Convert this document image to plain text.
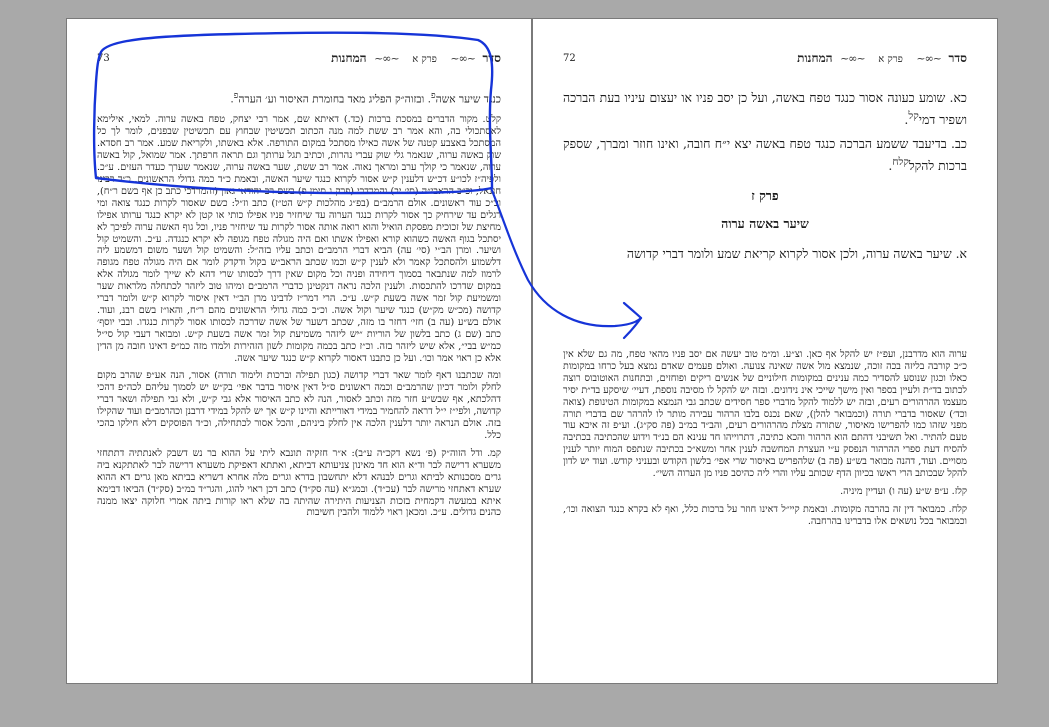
73	סדר ~∞~ פרק א ~∞~ המחנות

כנגד שיער אשה$^פ$. ובזוה״ק הפליג מאד בחומרת האיסור וע׳ הערה$^פ$.

קלט. מקור הדברים במסכת ברכות (כד.) דאיתא שם, אמר רבי יצחק, טפח באשה ערוה. למאי, אילימא לאסתכולי בה, והא אמר רב ששת למה מנה הכתוב תכשיטין שבחוץ עם תכשיטין שבפנים, לומר לך כל המסתכל באצבע קטנה של אשה כאילו מסתכל במקום התורפה. אלא באשתו, ולקריאת שמע. אמר רב חסדא. שוק באשה ערוה, שנאמר גלי שוק עברי נהרות, וכתיב תגל ערותך וגם תראה חרפתך. אמר שמואל, קול באשה ערוה, שנאמר כי קולך ערב ומראך נאוה. אמר רב ששת, שער באשה ערוה, שנאמר שערך כעדר העזים. ע״כ. ולפיה״ז לכו״ע דכ״ש דלענין ק״ש אסור לקרוא כנגד שיער האשה, ובאמת כ״ד כמה גדולי הראשונים, כ״ד רבינו חננאל, וכ״כ הראבי״ה (סי׳ יב) והמרדכי (פרק ג סימן פ) בשם רב יהודאי גאון (והמרדכי כתב כן אף בשם ר״ח), וכ״כ עוד ראשונים. אולם הרמב״ם (בפ״ג מהלכות ק״ש הט״ז) כתב וז״ל: כשם שאסור לקרות כנגד צואה ומי רגלים עד שירחיק כך אסור לקרות כנגד הערוה עד שיחזיר פניו אפילו כותי או קטן לא יקרא כנגד ערותו אפילו מחיצת של זכוכית מפסקת הואיל והוא רואה אותה אסור לקרות עד שיחזיר פניו, וכל גוף האשה ערוה לפיכך לא יסתכל בגוף האשה כשהוא קורא ואפילו אשתו ואם היה מגולה טפח מגופה לא יקרא כנגדה. ע״כ. והשמיט קול ושיער. ומרן הב״י (סי׳ עה) הביא דברי הרמב״ם וכתב עליו בזה״ל: והשמיט קול ושער משום דמשמע ליה דלשמוע ולהסתכל קאמר ולא לענין ק״ש וכמו שכתב הראב״ש בקול ודקדק לומר אם היה מגולה טפח מגופה לרמוז למה שנתבאר בסמוך דיחידה ופניה וכל מקום שאין דרך לכסותו שרי דהא לא שייך לומר מגולה אלא במקום שדרכו להתכסות. ולענין הלכה נראה דנקטינן כדברי הרמב״ם ומיהו טוב ליזהר לכתחלה מלראות שער ומשמיעת קול זמר אשה בשעת ק״ש. ע״כ. הרי דמר״ז לדבינו מרן הב״י דאין איסור לקרוא ק״ש ולומר דברי קדושה (מכ״ש מק״ש) כנגד שיער וקול אשה. וכ״כ כמה גדולי הראשונים מהם ר״ח, והאו״ז בשם רבנ, ועוד. אולם בש״ע (עה ב) חזי׳ דחזר בו מזה, שכתב דשער של אשה שדרכה לכסותו אסור לקרות כנגדו. ובבי יוסף׳ כתב (שם ג) כתב בלשון של הוריות ״יש ליזהר משמיעת קול זמר אשה בשעת ק״ש. ומבואר דעבי קול סי״ל כמ״ש בבי״, אלא שיש ליזהר בזה. וכ״ז כתב בכמה מקומות לשון הזהירות ולמדו מזה כמ״פ דאינו חובה מן הדין אלא כן ראוי אמר וכו׳. ועל כן כתבנו דאסור לקרוא ק״ש כנגד שיער אשה.

ומה שכתבנו דאף לומר שאר דברי קדושה (כגון תפילה וברכות ולימוד תורה) אסור, הנה אע״פ שהרב מקום לחלק ולומר דכיון שהרמב״ם וכמה ראשונים ס״ל דאין איסור בדבר אפי׳ בק״ש יש לסמוך עליהם לכה״פ דהכי דהלכתא, אף שבש״ע חזר מזה וכתב לאסור, הנה לא כתב האיסור אלא גבי ק״ש, ולא גבי תפילה ושאר דברי קדושה, ולפי״ז י״ל דראה להחמיר במידי דאורייתא והיינו ק״ש אך יש להקל במידי דרבנן וכהרמב״ם ועוד שהקילו בזה. אולם הנראה יותר דלענין הלכה אין לחלק ביניהם, והכל אסור לכתחילה, וכ״ד הפוסקים דלא חילקו בהכי כלל.

קמ. ודל הזוה״ק (פ׳ נשא דקכ״ה ע״ב): א״ר חזקיה תונבא ליתי על ההוא בר נש דשבק לאנתתיה דתתחזי משערא דרישה לבר וד״א הוא חד מאינון צניעותא דביתא, ואתתא דאפיקת משערא דרישה לבר לאתתקנא ביה גרים מסכנותא לביתא וגרים לבנהא דלא יתחשבון בדרא וגרים מלה אחרא דשריא בביתא מאן גרים דא ההוא שערא דאתחזי מרישה לבר (עכ״ד). ובמג״א (עה סק״ד) כתב דכן ראוי להוג, והגר״ד במ״ב (סק״ד) הביאו דבימא איתא במעשה דקמחית בזכות הצניעות היתירה שהיתה בה שלא ראו קורות ביתה אמרי חלוקה יצאו ממנה כהנים גדולים. ע״כ. ומכאן ראוי ללמוד ולהבין חשיבות

72	סדר ~∞~ פרק א ~∞~ המחנות

כא. שומע כעונה אסור כנגד טפח באשה, ועל כן יסב פניו או יעצום עיניו בעת הברכה ושפיר דמי$^{קל}$.

כב. בדיעבד ששמע הברכה כנגד טפח באשה יצא י״ח חובה, ואינו חוזר ומברך, שספק ברכות להקל$^{קלח}$.

פרק ז
שיער באשה ערוה

א. שיער באשה ערוה, ולכן אסור לקרוא קריאת שמע ולומר דברי קדושה

ערוה הוא מדרבנן, ועפ״ז יש להקל אף כאן. וצ״ע. ומ״מ טוב יעשה אם יסב פניו מהאי טפח, מה גם שלא אין כ״כ קורבה בליזה בכה זוכה, שנמצא מול אשה שאינה צנועה. ואולם פעמים שאדם נמצא בעל כרחו במקומות כאלו וכגון שנוסע להסדיר כמה ענינים במקומות חילוניים של אנשים ריקים ופוחזים, ובתחנות האוטובוס רוצה לכתוב בד״ת ולעיין בספר ואין מישך שייכי אינ נידונים. ובזה יש להקל לו מסיבה נוספת, דעיי׳ שיסקע בד״ת יסיר מעצמו ההרהורים רעים, ובזה יש ללמוד להקל מדברי ספר חסידים שכתב גבי הנמצא במקומות הטינופת (צואה וכד׳) שאסור בדברי תורה (וכמבואר להלן), שאם נכנס בלבו הרהור עבירה מותר לו להרהר שם בדברי תורה מפני שזהו כמו להפרישו מאיסור, שתורה מצלת מהרהורים רעים, והב״ד במ״ב (פה סק״ג). וע״פ זה איכא עוד טעם להתיר. ואל תשיבני דהתם הוא הרהור והכא כתיבה, דתרוייהו חד ענינא הם בנ״ד וידוע שהכתיבה בכתיבה להסיח דעת ספרי ההרהור הנפסק ע״י העצרת המחשבה לענין אחר ומשא״כ בכתיבה שנתפס המוח יותר לענין מסויים. ועוד, דהנה מבואר בש״ע (פה ב) שלהפריש באיסור שרי אפי׳ בלשון הקודש ובעניני קודש. ועוד יש לדון להקל שבכותב הרי ראשו בכיוון הדף שכותב עליו והרי ליה כהיסב פניו מן הערוה השי״.

קלז. ע״פ ש״ע (עה ו) ועדיין מיניה.

קלח. כמבואר דין זה בהרבה מקומות. ובאמת קיי״ל דאינו חוזר על ברכות כלל, ואף לא בקרא כנגד הצואה וכו׳, וכמבואר בכל נושאים אלו בדברינו בהרחבה.
